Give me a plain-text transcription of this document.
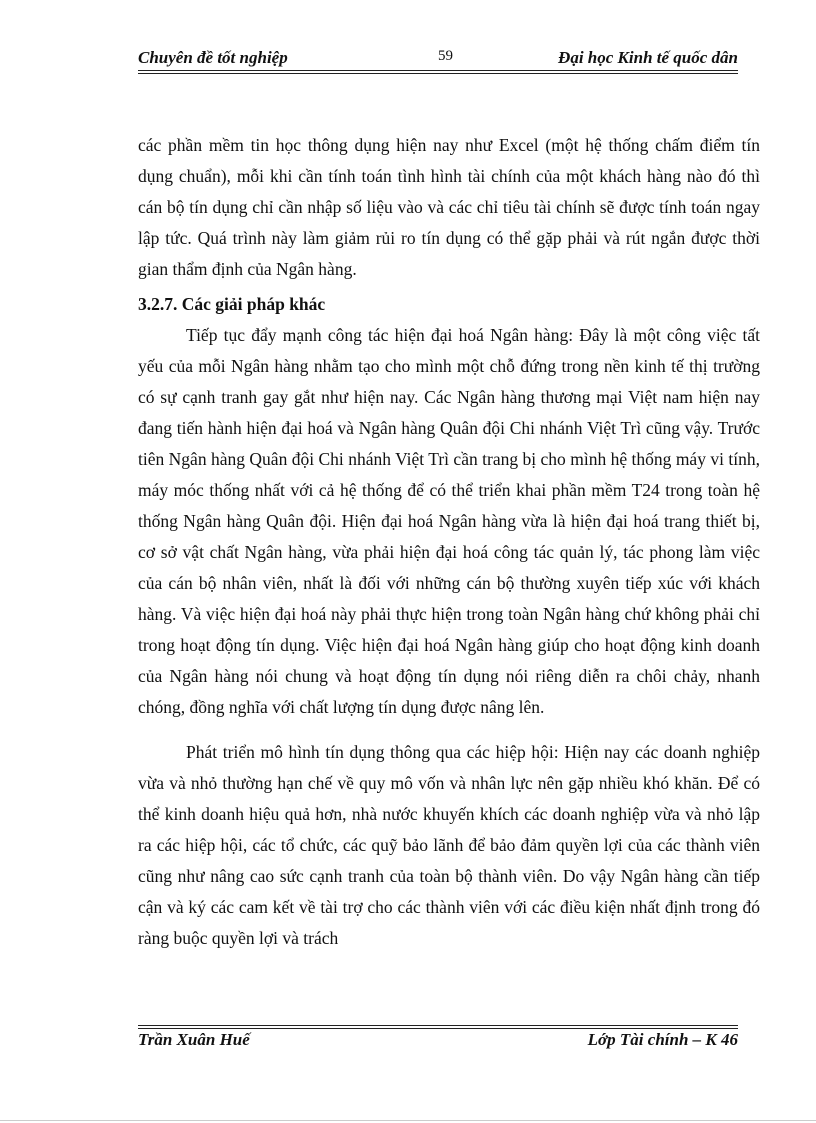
Chuyên đề tốt nghiệp	59	Đại học Kinh tế quốc dân

các phần mềm tin học thông dụng hiện nay như Excel (một hệ thống chấm điểm tín dụng chuẩn), mỗi khi cần tính toán tình hình tài chính của một khách hàng nào đó thì cán bộ tín dụng chỉ cần nhập số liệu vào và các chỉ tiêu tài chính sẽ được tính toán ngay lập tức. Quá trình này làm giảm rủi ro tín dụng có thể gặp phải và rút ngắn được thời gian thẩm định của Ngân hàng.

3.2.7. Các giải pháp khác

Tiếp tục đẩy mạnh công tác hiện đại hoá Ngân hàng: Đây là một công việc tất yếu của mỗi Ngân hàng nhằm tạo cho mình một chỗ đứng trong nền kinh tế thị trường có sự cạnh tranh gay gắt như hiện nay. Các Ngân hàng thương mại Việt nam hiện nay đang tiến hành hiện đại hoá và Ngân hàng Quân đội Chi nhánh Việt Trì cũng vậy. Trước tiên Ngân hàng Quân đội Chi nhánh Việt Trì cần trang bị cho mình hệ thống máy vi tính, máy móc thống nhất với cả hệ thống để có thể triển khai phần mềm T24 trong toàn hệ thống Ngân hàng Quân đội. Hiện đại hoá Ngân hàng vừa là hiện đại hoá trang thiết bị, cơ sở vật chất Ngân hàng, vừa phải hiện đại hoá công tác quản lý, tác phong làm việc của cán bộ nhân viên, nhất là đối với những cán bộ thường xuyên tiếp xúc với khách hàng. Và việc hiện đại hoá này phải thực hiện trong toàn Ngân hàng chứ không phải chỉ trong hoạt động tín dụng. Việc hiện đại hoá Ngân hàng giúp cho hoạt động kinh doanh của Ngân hàng nói chung và hoạt động tín dụng nói riêng diễn ra chôi chảy, nhanh chóng, đồng nghĩa với chất lượng tín dụng được nâng lên.

Phát triển mô hình tín dụng thông qua các hiệp hội: Hiện nay các doanh nghiệp vừa và nhỏ thường hạn chế về quy mô vốn và nhân lực nên gặp nhiều khó khăn. Để có thể kinh doanh hiệu quả hơn, nhà nước khuyến khích các doanh nghiệp vừa và nhỏ lập ra các hiệp hội, các tổ chức, các quỹ bảo lãnh để bảo đảm quyền lợi của các thành viên cũng như nâng cao sức cạnh tranh của toàn bộ thành viên. Do vậy Ngân hàng cần tiếp cận và ký các cam kết về tài trợ cho các thành viên với các điều kiện nhất định trong đó ràng buộc quyền lợi và trách

Trần Xuân Huế	Lớp Tài chính – K 46
